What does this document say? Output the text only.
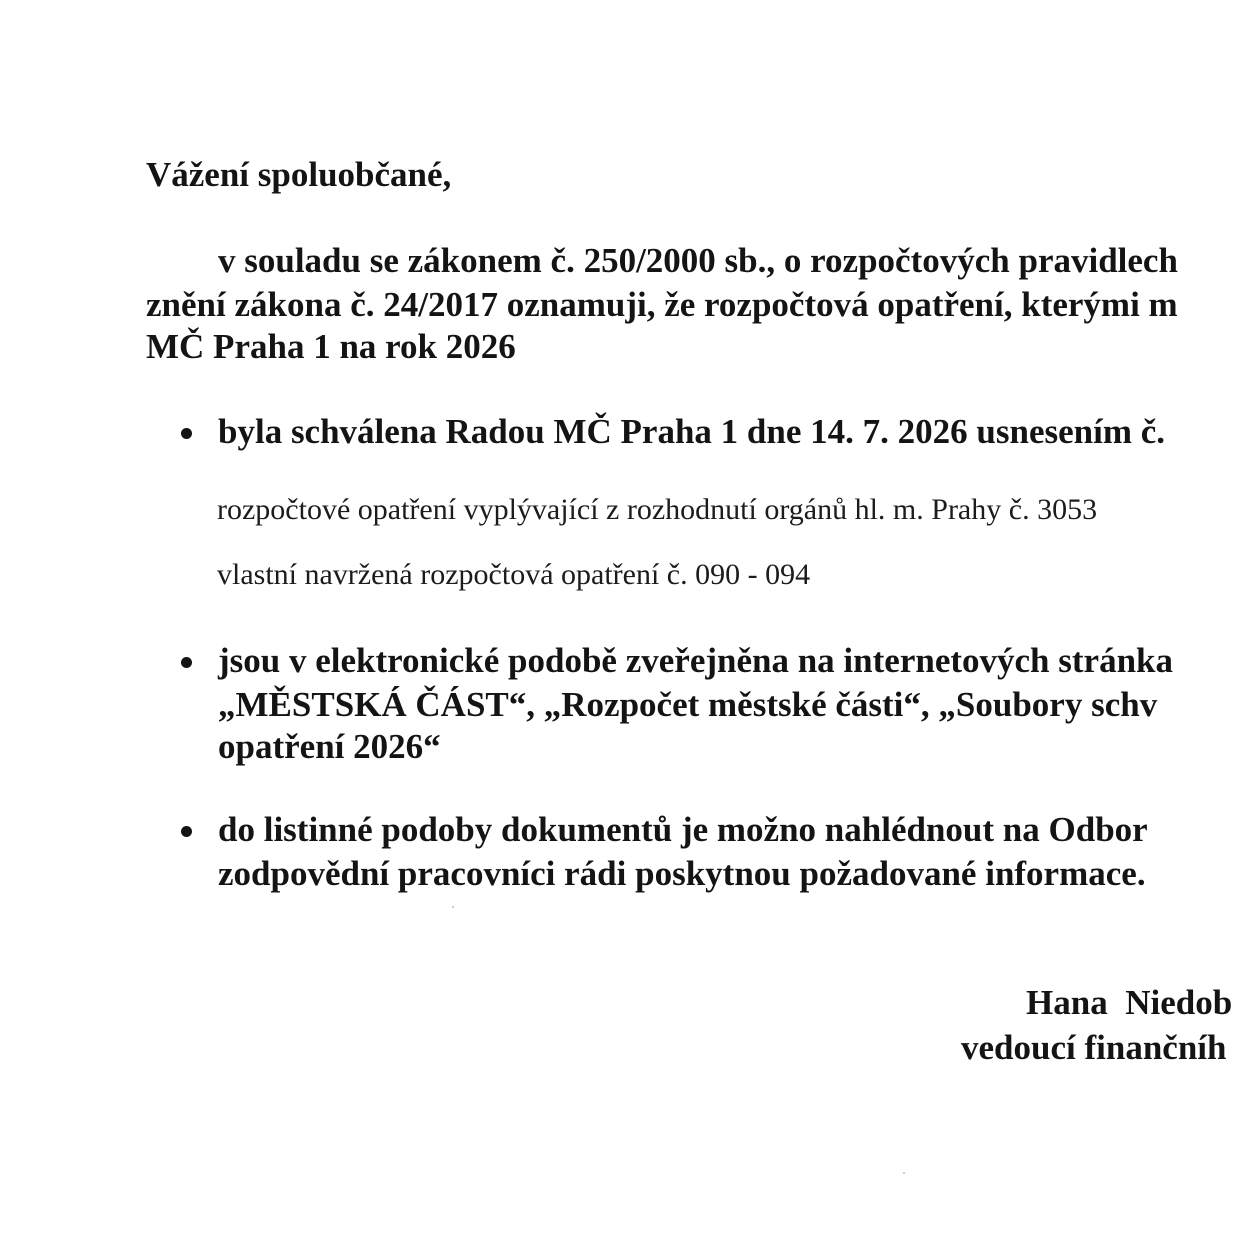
Vážení spoluobčané,
v souladu se zákonem č. 250/2000 sb., o rozpočtových pravidlech
znění zákona č. 24/2017 oznamuji, že rozpočtová opatření, kterými m
MČ Praha 1 na rok 2026
byla schválena Radou MČ Praha 1 dne 14. 7. 2026 usnesením č.
rozpočtové opatření vyplývající z rozhodnutí orgánů hl. m. Prahy č. 3053
vlastní navržená rozpočtová opatření č. 090 - 094
jsou v elektronické podobě zveřejněna na internetových stránka
„MĚSTSKÁ ČÁST“, „Rozpočet městské části“, „Soubory schv
opatření 2026“
do listinné podoby dokumentů je možno nahlédnout na Odbor
zodpovědní pracovníci rádi poskytnou požadované informace.
Hana  Niedob
vedoucí finančníh
